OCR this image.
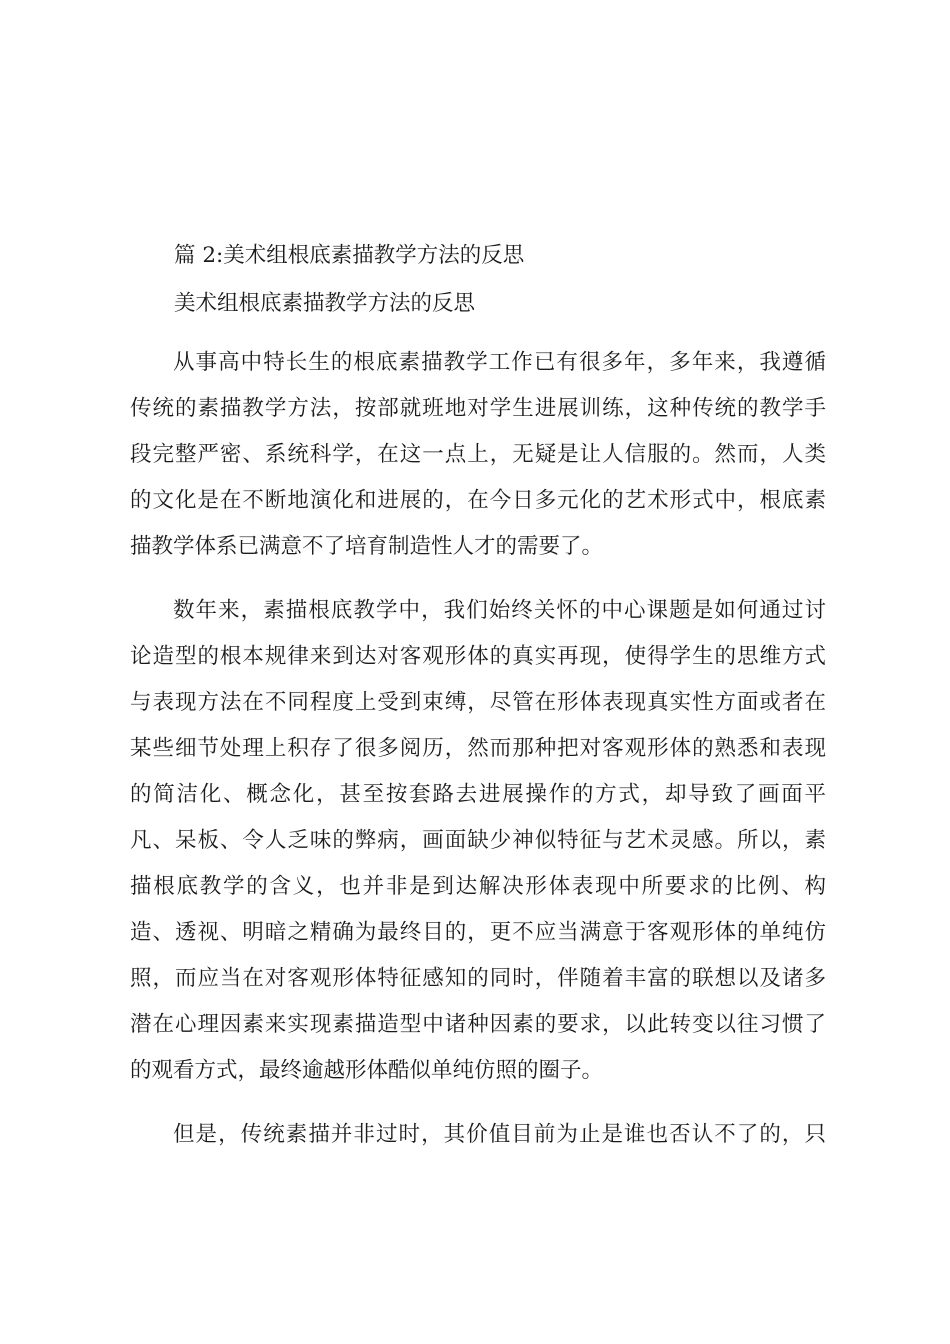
篇 2:美术组根底素描教学方法的反思
美术组根底素描教学方法的反思
从事高中特长生的根底素描教学工作已有很多年，多年来，我遵循
传统的素描教学方法，按部就班地对学生进展训练，这种传统的教学手
段完整严密、系统科学，在这一点上，无疑是让人信服的。然而，人类
的文化是在不断地演化和进展的，在今日多元化的艺术形式中，根底素
描教学体系已满意不了培育制造性人才的需要了。
数年来，素描根底教学中，我们始终关怀的中心课题是如何通过讨
论造型的根本规律来到达对客观形体的真实再现，使得学生的思维方式
与表现方法在不同程度上受到束缚，尽管在形体表现真实性方面或者在
某些细节处理上积存了很多阅历，然而那种把对客观形体的熟悉和表现
的简洁化、概念化，甚至按套路去进展操作的方式，却导致了画面平
凡、呆板、令人乏味的弊病，画面缺少神似特征与艺术灵感。所以，素
描根底教学的含义，也并非是到达解决形体表现中所要求的比例、构
造、透视、明暗之精确为最终目的，更不应当满意于客观形体的单纯仿
照，而应当在对客观形体特征感知的同时，伴随着丰富的联想以及诸多
潜在心理因素来实现素描造型中诸种因素的要求，以此转变以往习惯了
的观看方式，最终逾越形体酷似单纯仿照的圈子。
但是，传统素描并非过时，其价值目前为止是谁也否认不了的，只
